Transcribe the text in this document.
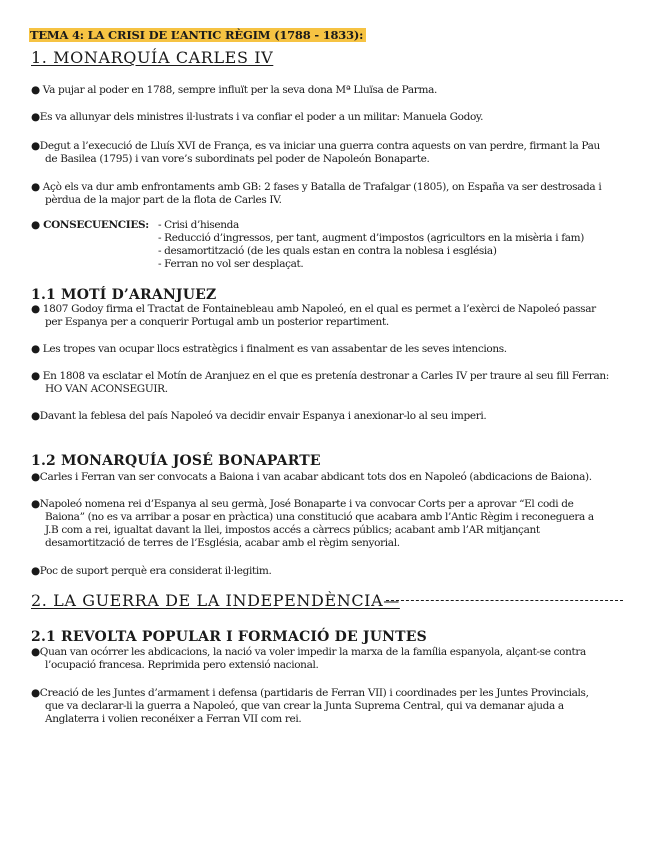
TEMA 4: LA CRISI DE L’ANTIC RÈGIM (1788 - 1833):
1. MONARQUÍA CARLES IV
● Va pujar al poder en 1788, sempre influït per la seva dona Mª Lluïsa de Parma.
●Es va allunyar dels ministres il·lustrats i va confiar el poder a un militar: Manuela Godoy.
●Degut a l’execució de Lluís XVI de França, es va iniciar una guerra contra aquests on van perdre, firmant la Pau
de Basilea (1795) i van vore’s subordinats pel poder de Napoleón Bonaparte.
● Açò els va dur amb enfrontaments amb GB: 2 fases y Batalla de Trafalgar (1805), on España va ser destrosada i
pèrdua de la major part de la flota de Carles IV.
● CONSECUENCIES: - Crisi d’hisenda
- Reducció d’ingressos, per tant, augment d’impostos (agricultors en la misèria i fam)
- desamortització (de les quals estan en contra la noblesa i església)
- Ferran no vol ser desplaçat.
1.1 MOTÍ D’ARANJUEZ
● 1807 Godoy firma el Tractat de Fontainebleau amb Napoleó, en el qual es permet a l’exèrci de Napoleó passar
per Espanya per a conquerir Portugal amb un posterior repartiment.
● Les tropes van ocupar llocs estratègics i finalment es van assabentar de les seves intencions.
● En 1808 va esclatar el Motín de Aranjuez en el que es pretenía destronar a Carles IV per traure al seu fill Ferran:
HO VAN ACONSEGUIR.
●Davant la feblesa del país Napoleó va decidir envair Espanya i anexionar-lo al seu imperi.
1.2 MONARQUÍA JOSÉ BONAPARTE
●Carles i Ferran van ser convocats a Baiona i van acabar abdicant tots dos en Napoleó (abdicacions de Baiona).
●Napoleó nomena rei d’Espanya al seu germà, José Bonaparte i va convocar Corts per a aprovar “El codi de
Baiona” (no es va arribar a posar en pràctica) una constitució que acabara amb l’Antic Règim i reconeguera a
J.B com a rei, igualtat davant la llei, impostos accés a càrrecs públics; acabant amb l’AR mitjançant
desamortització de terres de l’Església, acabar amb el règim senyorial.
●Poc de suport perquè era considerat il·legitim.
2. LA GUERRA DE LA INDEPENDÈNCIA—
2.1 REVOLTA POPULAR I FORMACIÓ DE JUNTES
●Quan van ocórrer les abdicacions, la nació va voler impedir la marxa de la família espanyola, alçant-se contra
l’ocupació francesa. Reprimida pero extensió nacional.
●Creació de les Juntes d’armament i defensa (partidaris de Ferran VII) i coordinades per les Juntes Provincials,
que va declarar-li la guerra a Napoleó, que van crear la Junta Suprema Central, qui va demanar ajuda a
Anglaterra i volien reconéixer a Ferran VII com rei.
